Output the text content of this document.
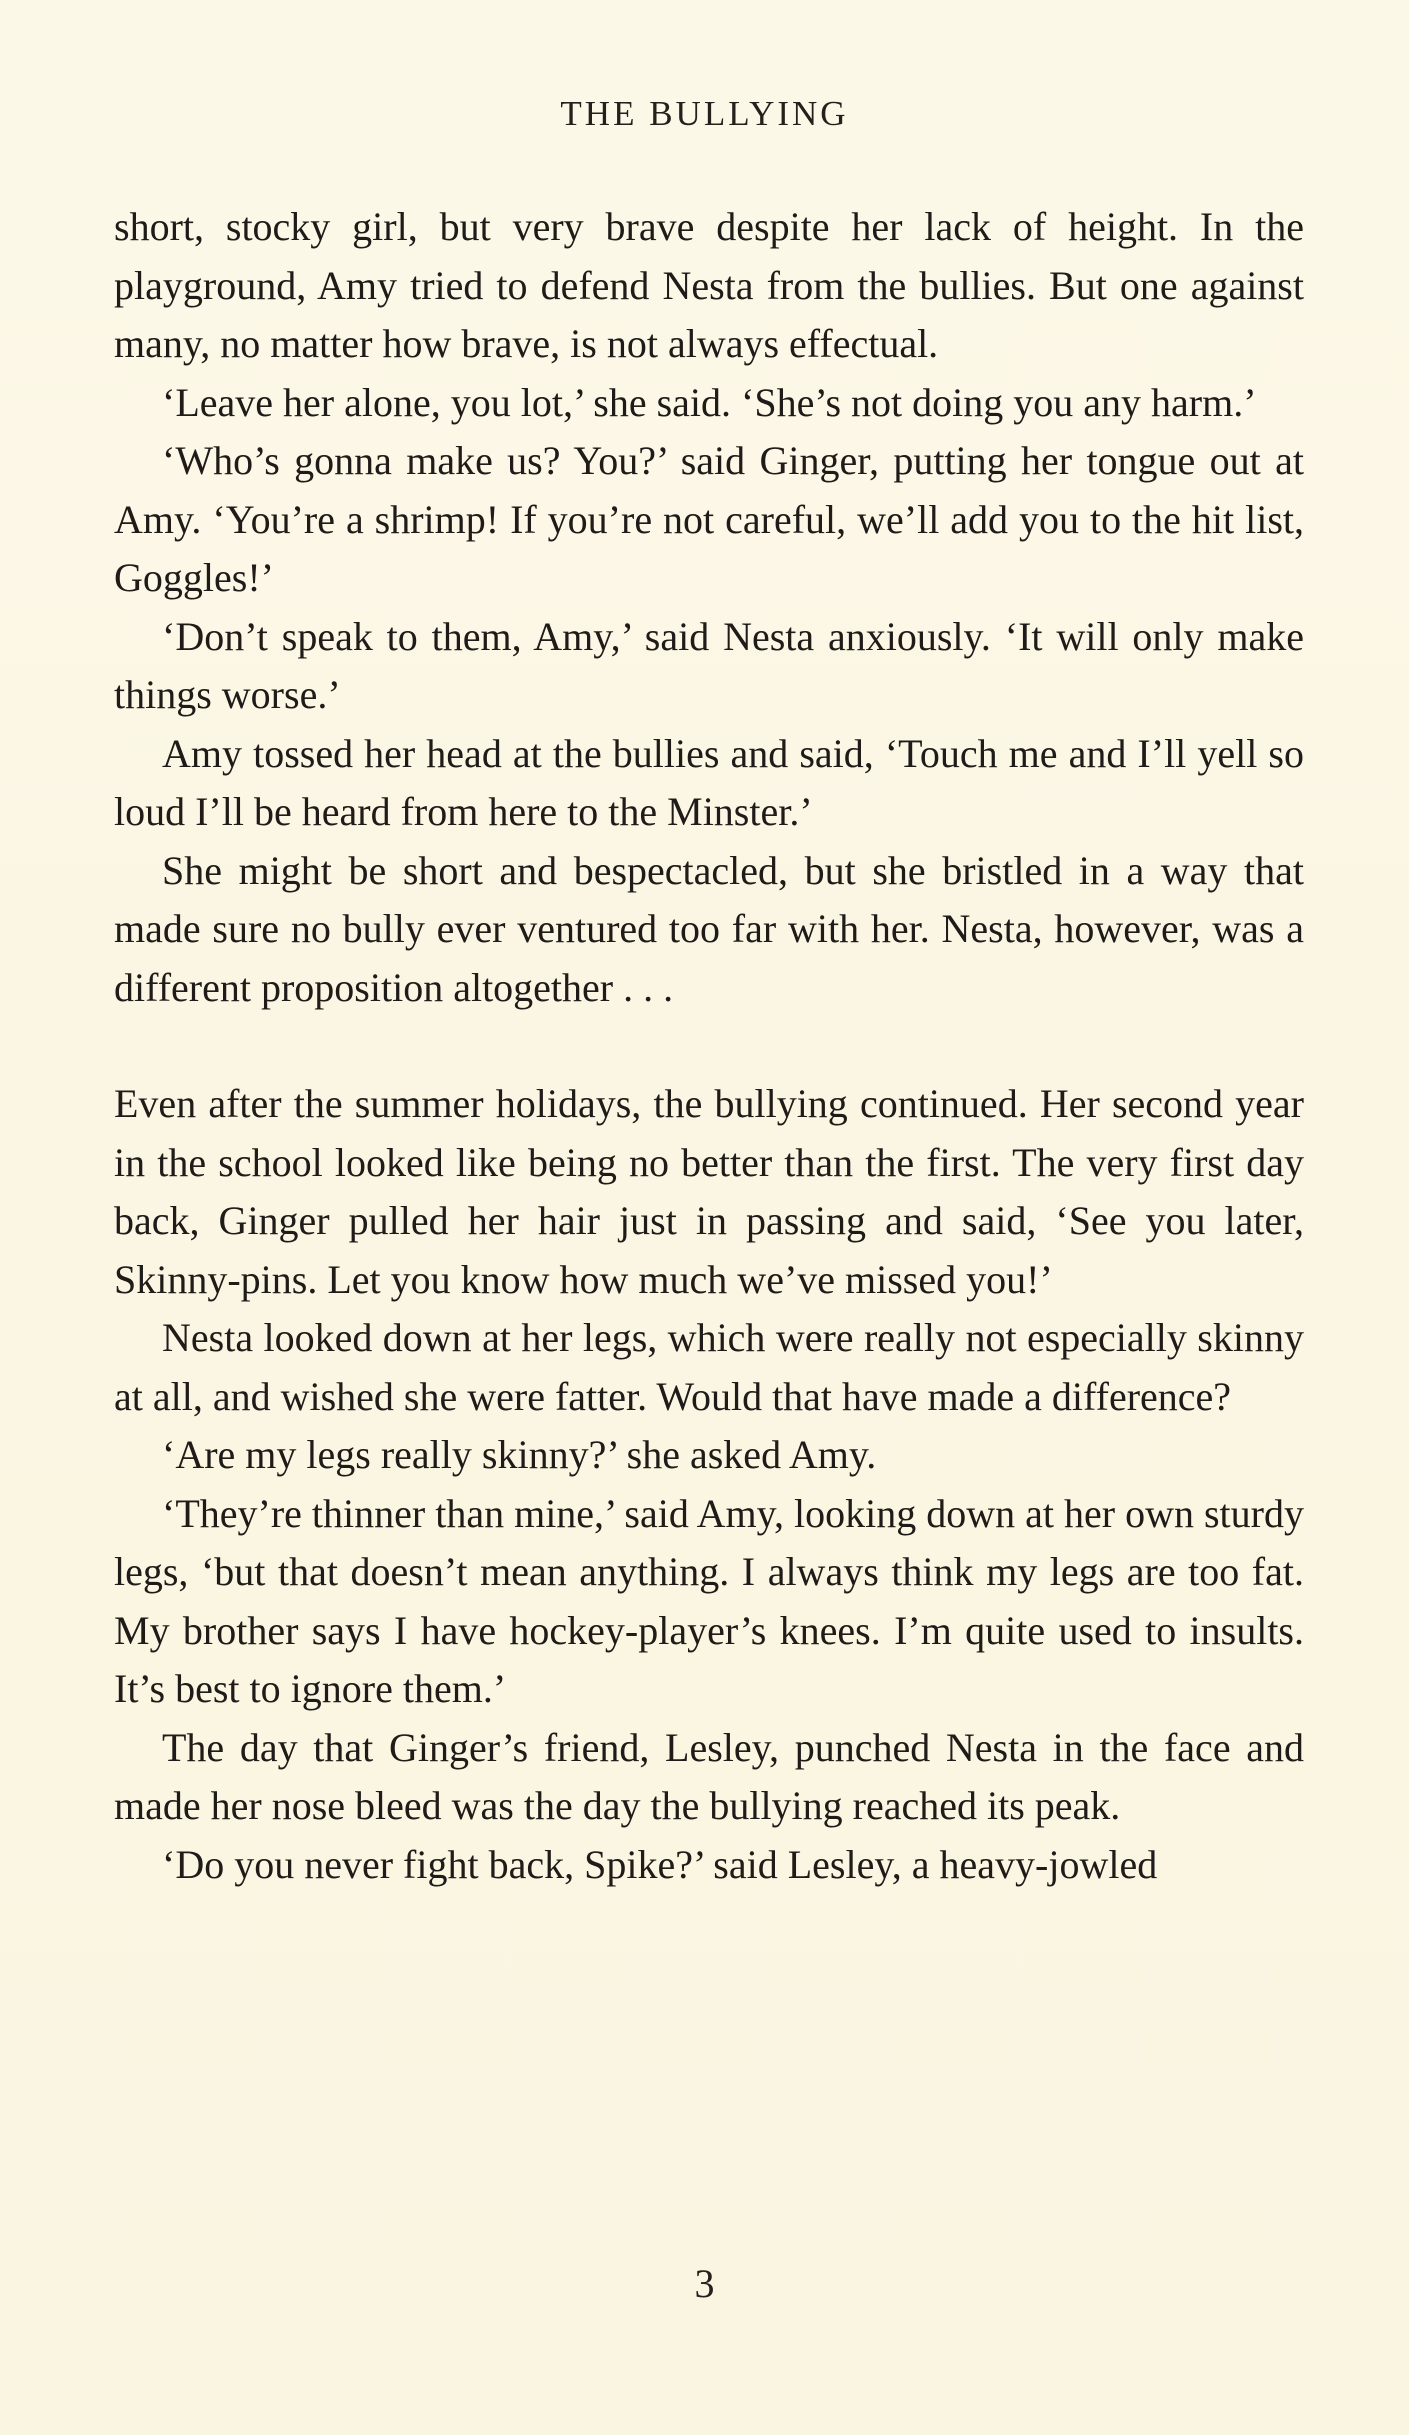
THE BULLYING

short, stocky girl, but very brave despite her lack of height. In the playground, Amy tried to defend Nesta from the bullies. But one against many, no matter how brave, is not always effectual.

‘Leave her alone, you lot,’ she said. ‘She’s not doing you any harm.’

‘Who’s gonna make us? You?’ said Ginger, putting her tongue out at Amy. ‘You’re a shrimp! If you’re not careful, we’ll add you to the hit list, Goggles!’

‘Don’t speak to them, Amy,’ said Nesta anxiously. ‘It will only make things worse.’

Amy tossed her head at the bullies and said, ‘Touch me and I’ll yell so loud I’ll be heard from here to the Minster.’

She might be short and bespectacled, but she bristled in a way that made sure no bully ever ventured too far with her. Nesta, however, was a different proposition altogether . . .

Even after the summer holidays, the bullying continued. Her second year in the school looked like being no better than the first. The very first day back, Ginger pulled her hair just in passing and said, ‘See you later, Skinny-pins. Let you know how much we’ve missed you!’

Nesta looked down at her legs, which were really not especially skinny at all, and wished she were fatter. Would that have made a difference?

‘Are my legs really skinny?’ she asked Amy.

‘They’re thinner than mine,’ said Amy, looking down at her own sturdy legs, ‘but that doesn’t mean anything. I always think my legs are too fat. My brother says I have hockey-player’s knees. I’m quite used to insults. It’s best to ignore them.’

The day that Ginger’s friend, Lesley, punched Nesta in the face and made her nose bleed was the day the bullying reached its peak.

‘Do you never fight back, Spike?’ said Lesley, a heavy-jowled

3
